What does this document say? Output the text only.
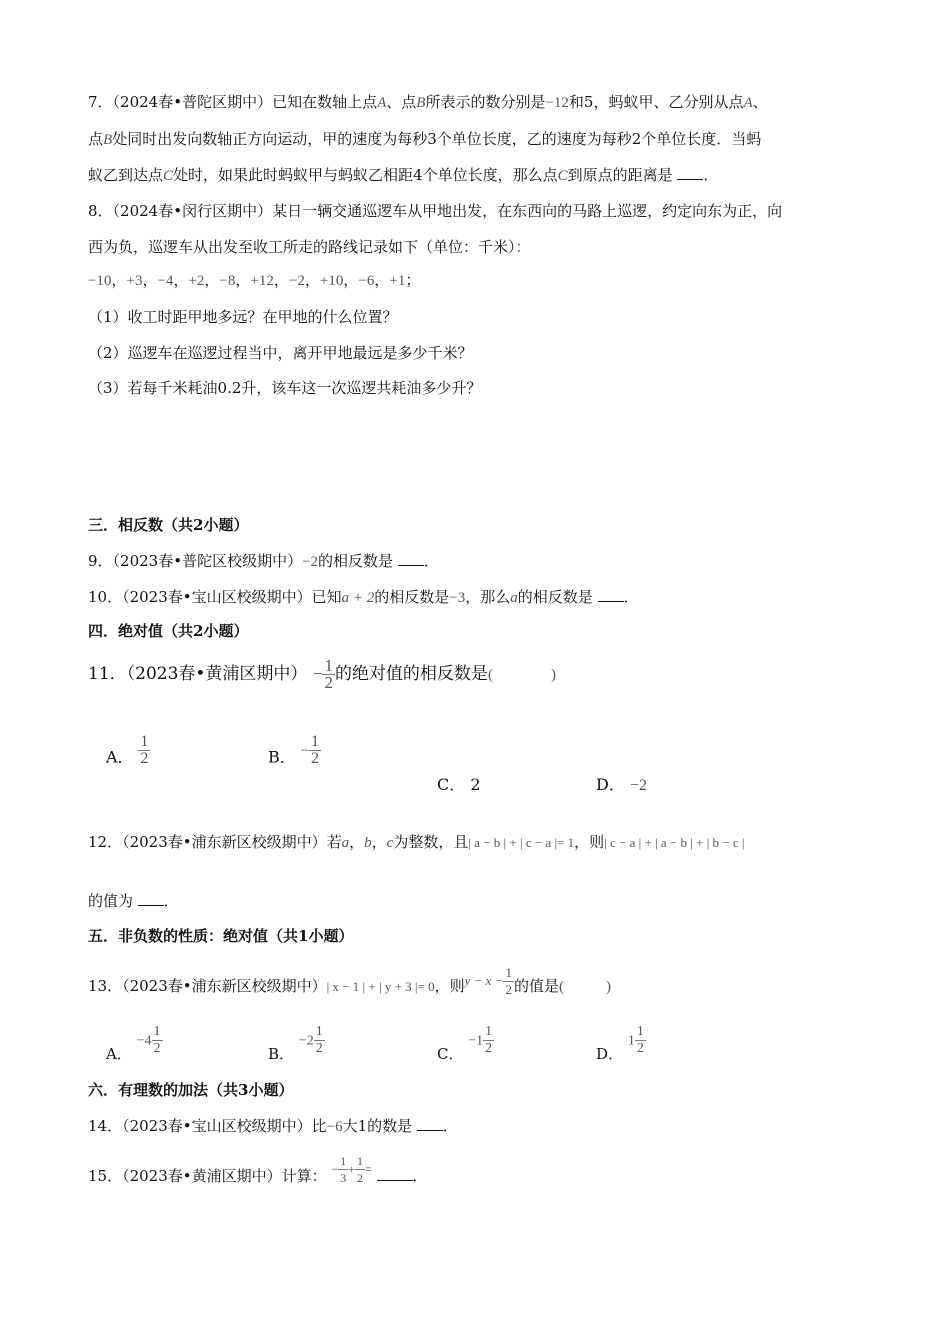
7．（2024春•普陀区期中）已知在数轴上点A、点B所表示的数分别是−12和5，蚂蚁甲、乙分别从点A、
点B处同时出发向数轴正方向运动，甲的速度为每秒3个单位长度，乙的速度为每秒2个单位长度．当蚂
蚁乙到达点C处时，如果此时蚂蚁甲与蚂蚁乙相距4个单位长度，那么点C到原点的距离是 ．
8．（2024春•闵行区期中）某日一辆交通巡逻车从甲地出发，在东西向的马路上巡逻，约定向东为正，向
西为负，巡逻车从出发至收工所走的路线记录如下（单位：千米）：
−10，+3，−4，+2，−8，+12，−2，+10，−6，+1；
（1）收工时距甲地多远？在甲地的什么位置？
（2）巡逻车在巡逻过程当中，离开甲地最远是多少千米？
（3）若每千米耗油0.2升，该车这一次巡逻共耗油多少升？
三．相反数（共2小题）
9．（2023春•普陀区校级期中）−2的相反数是 ．
10．（2023春•宝山区校级期中）已知a + 2的相反数是−3，那么a的相反数是 ．
四．绝对值（共2小题）
11．（2023春•黄浦区期中） − $\frac{1}{2}$ 的绝对值的相反数是(	)
A． $\frac{1}{2}$	B． − $\frac{1}{2}$
C． 2	D． −2
12．（2023春•浦东新区校级期中）若a，b，c为整数，且| a − b | + | c − a |= 1，则| c − a | + | a − b | + | b − c |
的值为 ．
五．非负数的性质：绝对值（共1小题）
13．（2023春•浦东新区校级期中）| x − 1 | + | y + 3 |= 0，则$y - x - \frac{1}{2}$ 的值是(	)
A． $-4 \frac{1}{2}$	B． $-2 \frac{1}{2}$	C． $-1 \frac{1}{2}$	D． $1 \frac{1}{2}$
六．有理数的加法（共3小题）
14．（2023春•宝山区校级期中）比−6大1的数是 ．
15．（2023春•黄浦区期中）计算： − $\frac{1}{3} + \frac{1}{2}$ =	．
